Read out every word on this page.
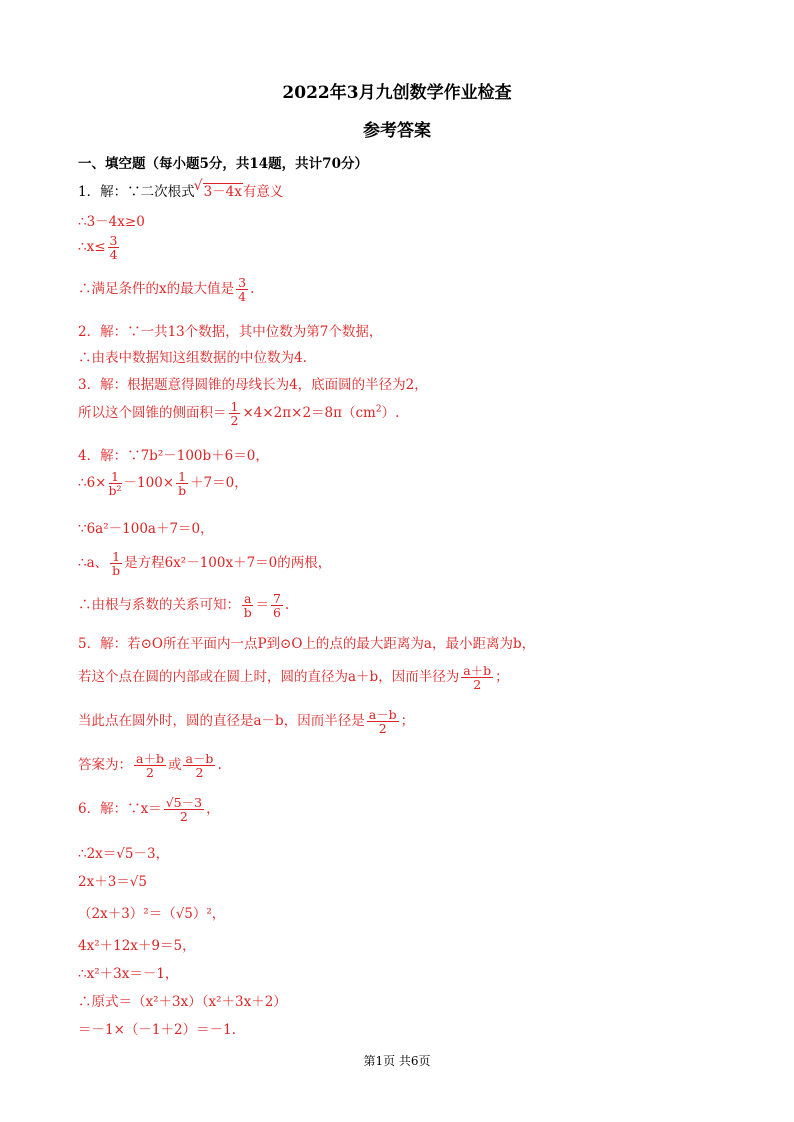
2022年3月九创数学作业检查
参考答案
一、填空题（每小题5分，共14题，共计70分）
1．解：∵二次根式√ 3－4x有意义
∴3－4x≥0
∴x≤ $\frac{3}{4}$
∴满足条件的x的最大值是 $\frac{3}{4}$ .
2．解：∵一共13个数据，其中位数为第7个数据，
∴由表中数据知这组数据的中位数为4.
3．解：根据题意得圆锥的母线长为4，底面圆的半径为2，
所以这个圆锥的侧面积＝ $\frac{1}{2} \times 4\times 2\pi\times 2=8\pi(cm^2)$.
4．解：∵7b²－100b＋6＝0，
∴6× $\frac{1}{\text{b²}} -100\times \frac{1}{b} +7=0$，
∵6a²－100a＋7＝0，
∴a、 $\frac{1}{b}$ 是方程6x²－100x＋7＝0的两根，
∴由根与系数的关系可知： $\frac{a}{b} = \frac{7}{6}$ .
5．解：若⊙O所在平面内一点P到⊙O上的点的最大距离为a，最小距离为b，
若这个点在圆的内部或在圆上时，圆的直径为a＋b，因而半径为 $\frac{a+b}{2}$ ；
当此点在圆外时，圆的直径是a－b，因而半径是 $\frac{a-b}{2}$ ；
答案为： $\frac{a+b}{2}$ 或 $\frac{a-b}{2}$ .
6．解：∵x＝ $\frac{√5-3}{2}$ ，
∴2x＝√5－3，
2x＋3＝√5
（2x＋3）²＝（√5）²，
4x²＋12x＋9＝5，
∴x²＋3x＝－1，
∴原式＝（x²＋3x）（x²＋3x＋2）
＝－1×（－1＋2）＝－1.
第1页 共6页
